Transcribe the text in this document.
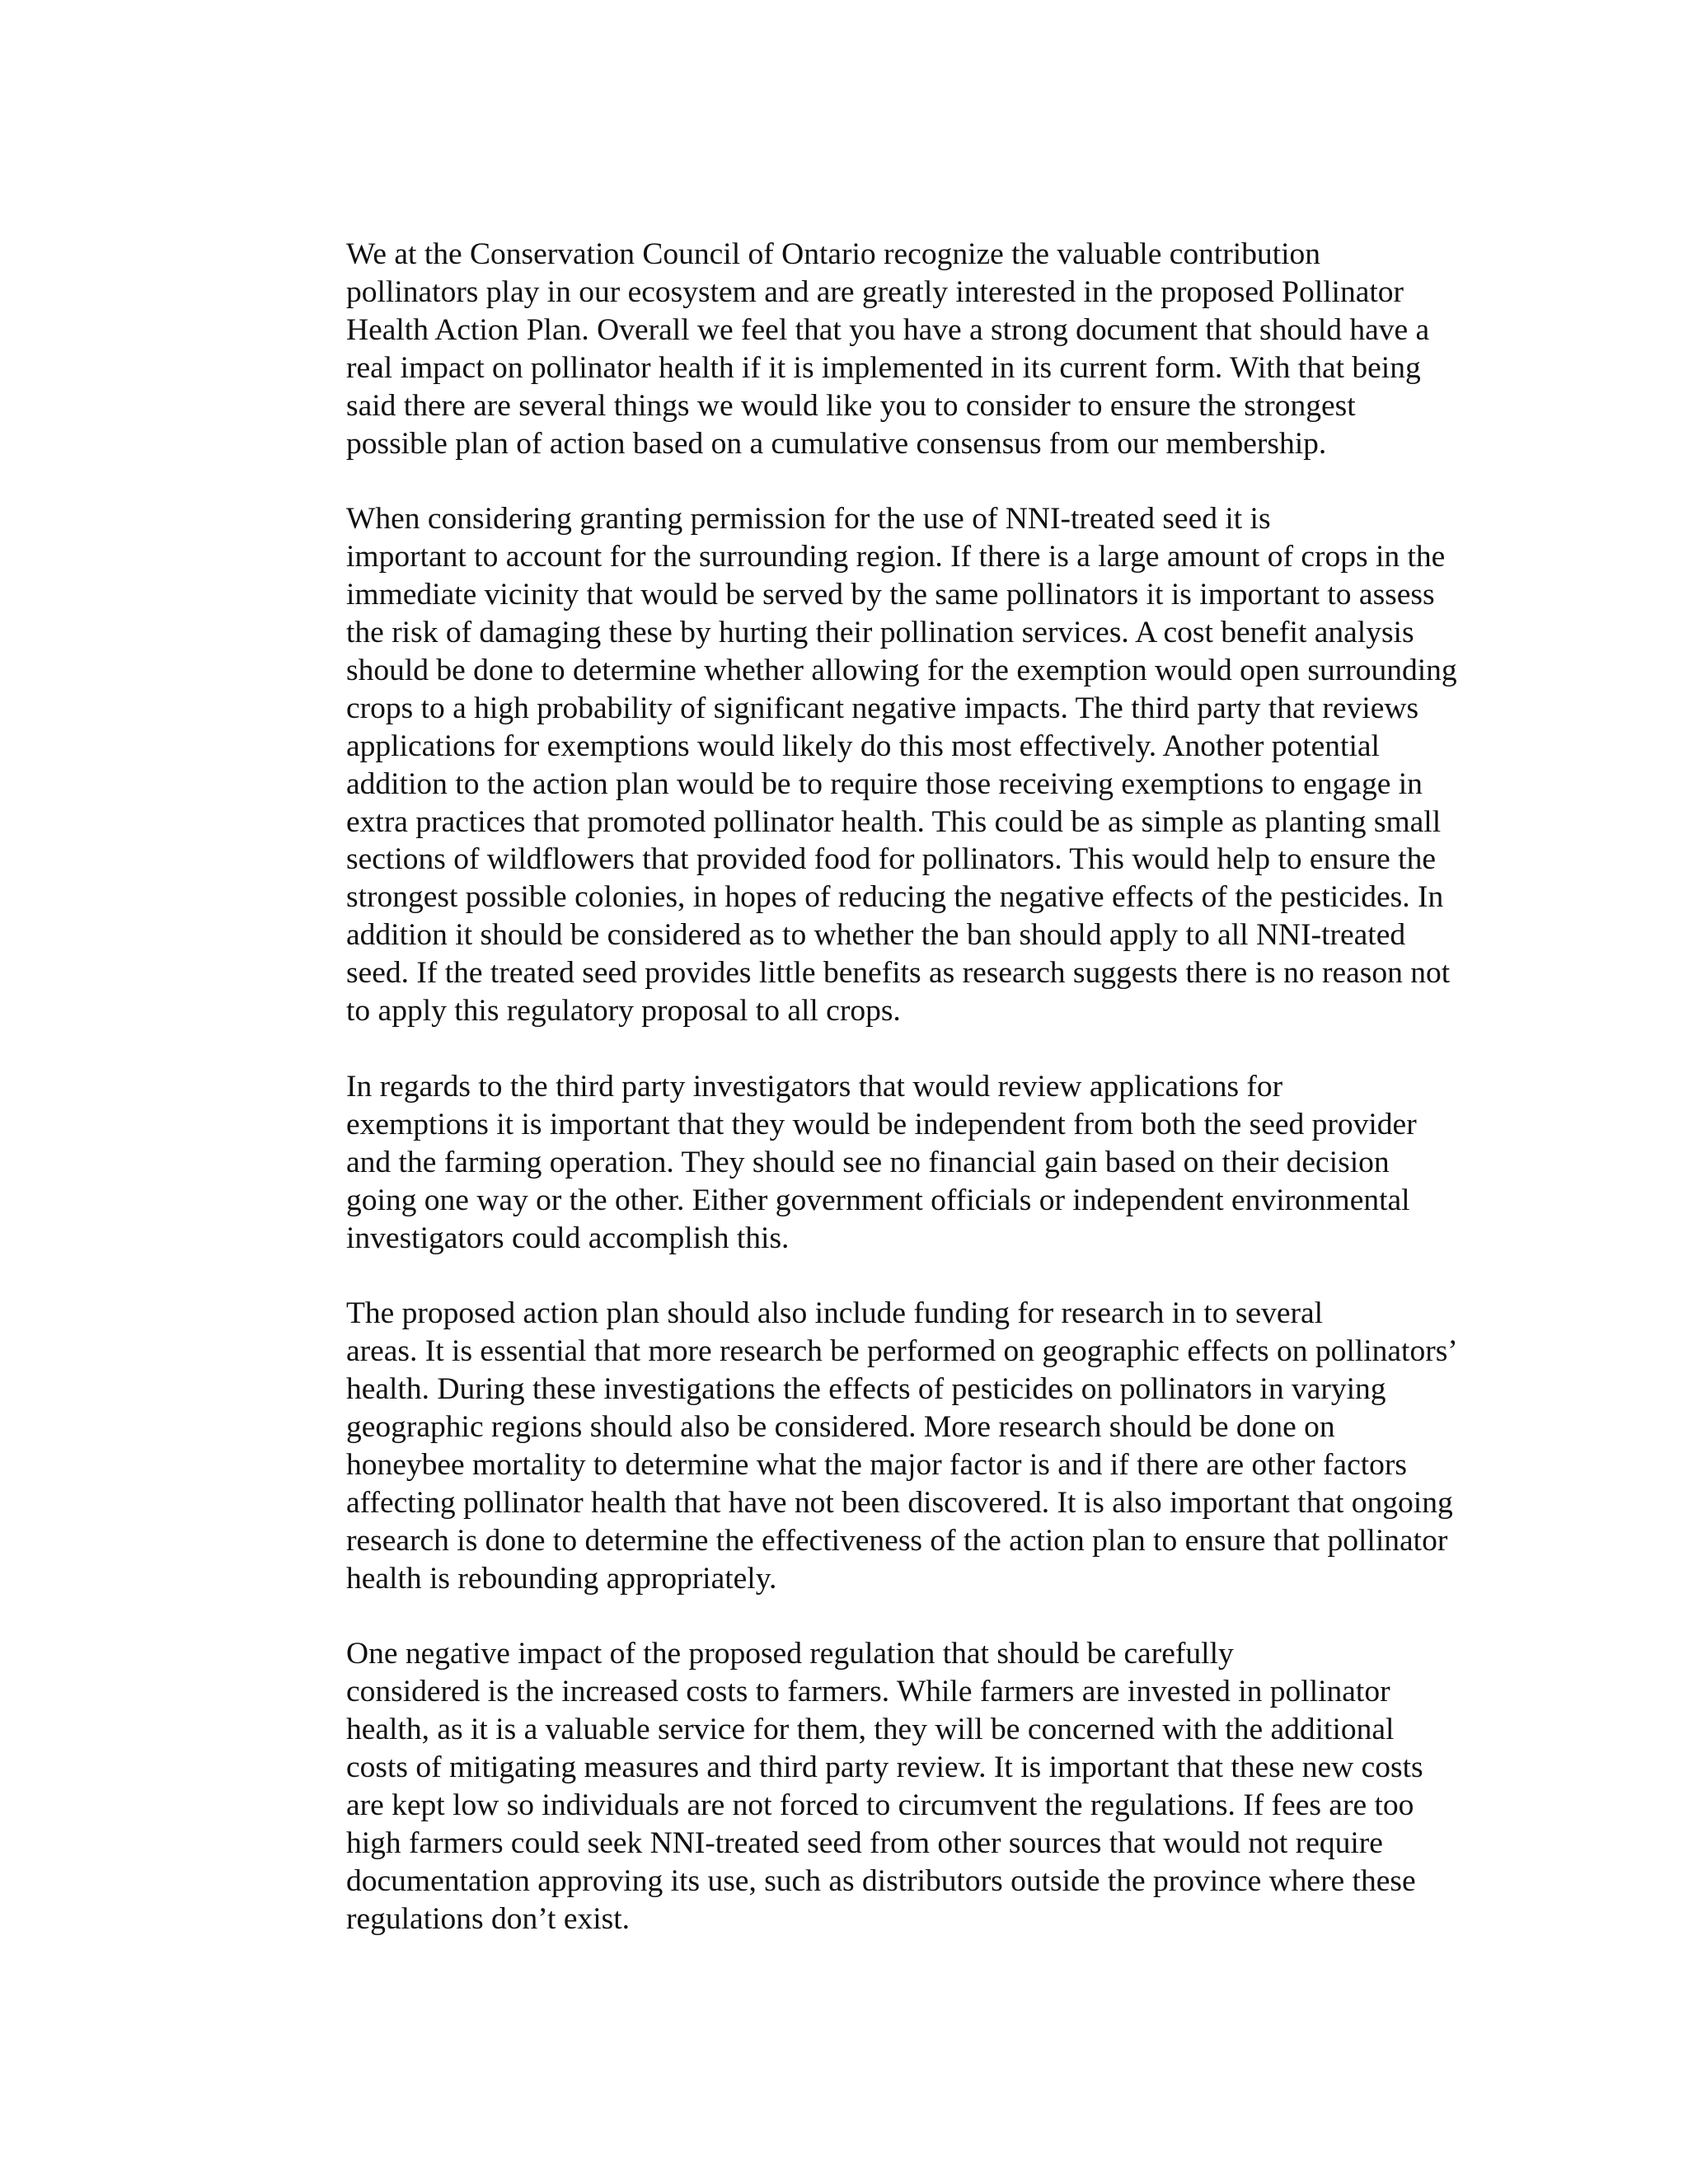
We at the Conservation Council of Ontario recognize the valuable contribution
pollinators play in our ecosystem and are greatly interested in the proposed Pollinator
Health Action Plan. Overall we feel that you have a strong document that should have a
real impact on pollinator health if it is implemented in its current form. With that being
said there are several things we would like you to consider to ensure the strongest
possible plan of action based on a cumulative consensus from our membership.

When considering granting permission for the use of NNI-treated seed it is
important to account for the surrounding region. If there is a large amount of crops in the
immediate vicinity that would be served by the same pollinators it is important to assess
the risk of damaging these by hurting their pollination services. A cost benefit analysis
should be done to determine whether allowing for the exemption would open surrounding
crops to a high probability of significant negative impacts. The third party that reviews
applications for exemptions would likely do this most effectively. Another potential
addition to the action plan would be to require those receiving exemptions to engage in
extra practices that promoted pollinator health. This could be as simple as planting small
sections of wildflowers that provided food for pollinators. This would help to ensure the
strongest possible colonies, in hopes of reducing the negative effects of the pesticides. In
addition it should be considered as to whether the ban should apply to all NNI-treated
seed. If the treated seed provides little benefits as research suggests there is no reason not
to apply this regulatory proposal to all crops.

In regards to the third party investigators that would review applications for
exemptions it is important that they would be independent from both the seed provider
and the farming operation. They should see no financial gain based on their decision
going one way or the other. Either government officials or independent environmental
investigators could accomplish this.

The proposed action plan should also include funding for research in to several
areas. It is essential that more research be performed on geographic effects on pollinators’
health. During these investigations the effects of pesticides on pollinators in varying
geographic regions should also be considered. More research should be done on
honeybee mortality to determine what the major factor is and if there are other factors
affecting pollinator health that have not been discovered. It is also important that ongoing
research is done to determine the effectiveness of the action plan to ensure that pollinator
health is rebounding appropriately.

One negative impact of the proposed regulation that should be carefully
considered is the increased costs to farmers. While farmers are invested in pollinator
health, as it is a valuable service for them, they will be concerned with the additional
costs of mitigating measures and third party review. It is important that these new costs
are kept low so individuals are not forced to circumvent the regulations. If fees are too
high farmers could seek NNI-treated seed from other sources that would not require
documentation approving its use, such as distributors outside the province where these
regulations don’t exist.
